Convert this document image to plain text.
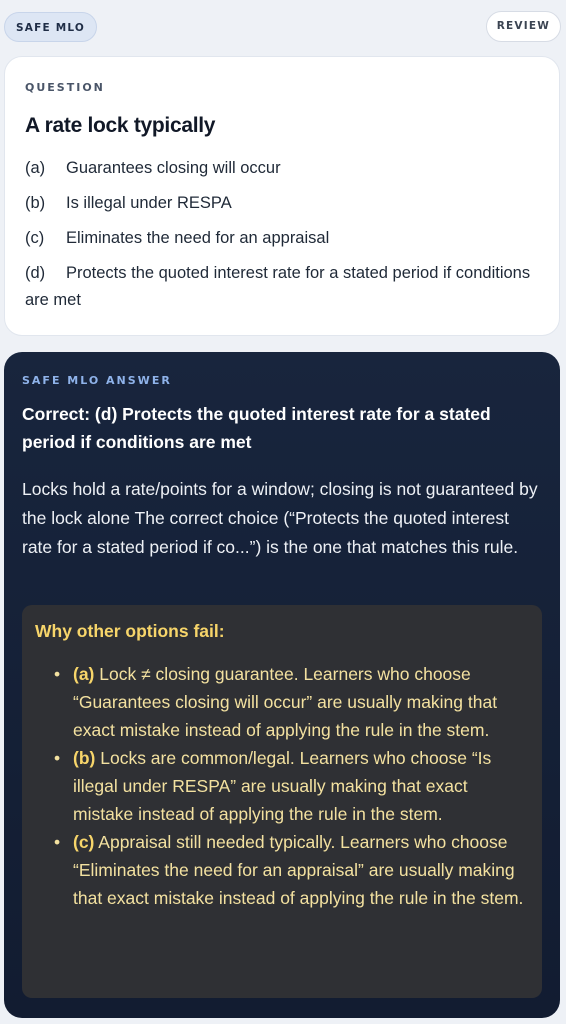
SAFE MLO	REVIEW

QUESTION

A rate lock typically
(a) Guarantees closing will occur
(b) Is illegal under RESPA
(c) Eliminates the need for an appraisal
(d) Protects the quoted interest rate for a stated period if conditions are met

SAFE MLO ANSWER

Correct: (d) Protects the quoted interest rate for a stated period if conditions are met

Locks hold a rate/points for a window; closing is not guaranteed by the lock alone The correct choice (“Protects the quoted interest rate for a stated period if co...”) is the one that matches this rule.

Why other options fail:

• (a) Lock ≠ closing guarantee. Learners who choose “Guarantees closing will occur” are usually making that exact mistake instead of applying the rule in the stem.
• (b) Locks are common/legal. Learners who choose “Is illegal under RESPA” are usually making that exact mistake instead of applying the rule in the stem.
• (c) Appraisal still needed typically. Learners who choose “Eliminates the need for an appraisal” are usually making that exact mistake instead of applying the rule in the stem.
